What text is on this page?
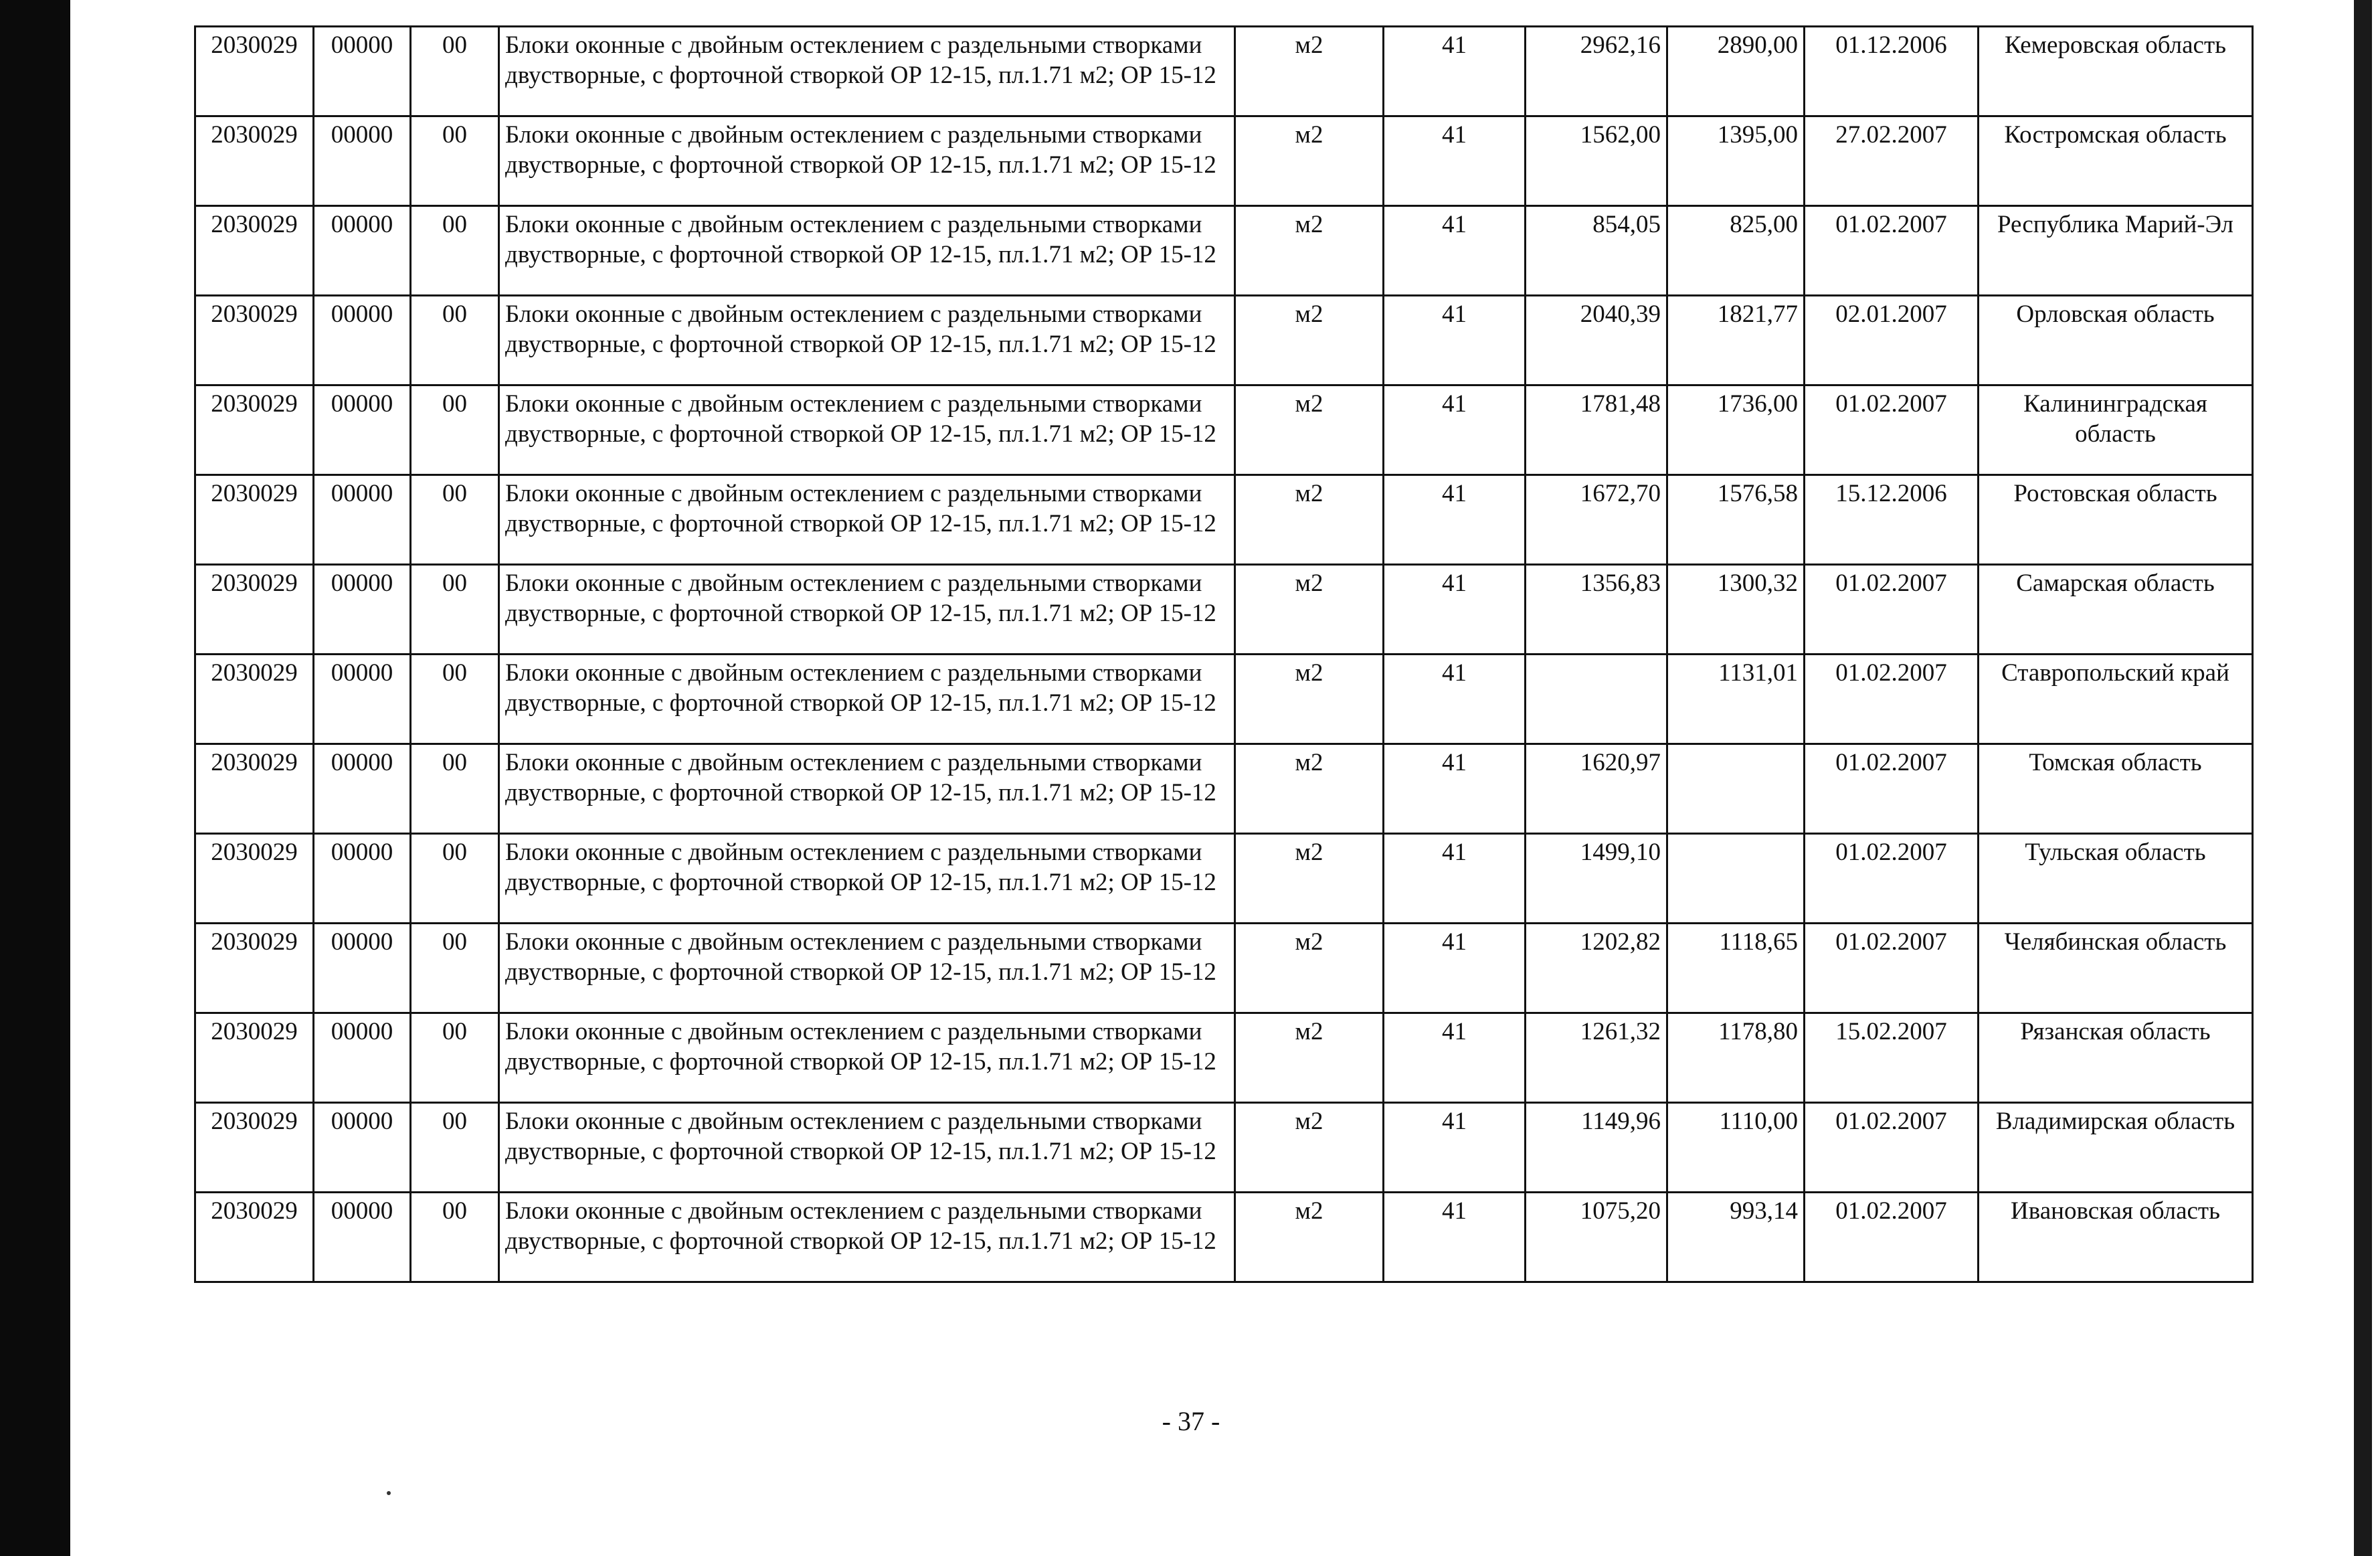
2030029	00000	00	Блоки оконные с двойным остеклением с раздельными створками двустворные, с форточной створкой ОР 12-15, пл.1.71 м2; ОР 15-12	м2	41	2962,16	2890,00	01.12.2006	Кемеровская область
2030029	00000	00	Блоки оконные с двойным остеклением с раздельными створками двустворные, с форточной створкой ОР 12-15, пл.1.71 м2; ОР 15-12	м2	41	1562,00	1395,00	27.02.2007	Костромская область
2030029	00000	00	Блоки оконные с двойным остеклением с раздельными створками двустворные, с форточной створкой ОР 12-15, пл.1.71 м2; ОР 15-12	м2	41	854,05	825,00	01.02.2007	Республика Марий-Эл
2030029	00000	00	Блоки оконные с двойным остеклением с раздельными створками двустворные, с форточной створкой ОР 12-15, пл.1.71 м2; ОР 15-12	м2	41	2040,39	1821,77	02.01.2007	Орловская область
2030029	00000	00	Блоки оконные с двойным остеклением с раздельными створками двустворные, с форточной створкой ОР 12-15, пл.1.71 м2; ОР 15-12	м2	41	1781,48	1736,00	01.02.2007	Калининградская область
2030029	00000	00	Блоки оконные с двойным остеклением с раздельными створками двустворные, с форточной створкой ОР 12-15, пл.1.71 м2; ОР 15-12	м2	41	1672,70	1576,58	15.12.2006	Ростовская область
2030029	00000	00	Блоки оконные с двойным остеклением с раздельными створками двустворные, с форточной створкой ОР 12-15, пл.1.71 м2; ОР 15-12	м2	41	1356,83	1300,32	01.02.2007	Самарская область
2030029	00000	00	Блоки оконные с двойным остеклением с раздельными створками двустворные, с форточной створкой ОР 12-15, пл.1.71 м2; ОР 15-12	м2	41		1131,01	01.02.2007	Ставропольский край
2030029	00000	00	Блоки оконные с двойным остеклением с раздельными створками двустворные, с форточной створкой ОР 12-15, пл.1.71 м2; ОР 15-12	м2	41	1620,97		01.02.2007	Томская область
2030029	00000	00	Блоки оконные с двойным остеклением с раздельными створками двустворные, с форточной створкой ОР 12-15, пл.1.71 м2; ОР 15-12	м2	41	1499,10		01.02.2007	Тульская область
2030029	00000	00	Блоки оконные с двойным остеклением с раздельными створками двустворные, с форточной створкой ОР 12-15, пл.1.71 м2; ОР 15-12	м2	41	1202,82	1118,65	01.02.2007	Челябинская область
2030029	00000	00	Блоки оконные с двойным остеклением с раздельными створками двустворные, с форточной створкой ОР 12-15, пл.1.71 м2; ОР 15-12	м2	41	1261,32	1178,80	15.02.2007	Рязанская область
2030029	00000	00	Блоки оконные с двойным остеклением с раздельными створками двустворные, с форточной створкой ОР 12-15, пл.1.71 м2; ОР 15-12	м2	41	1149,96	1110,00	01.02.2007	Владимирская область
2030029	00000	00	Блоки оконные с двойным остеклением с раздельными створками двустворные, с форточной створкой ОР 12-15, пл.1.71 м2; ОР 15-12	м2	41	1075,20	993,14	01.02.2007	Ивановская область
- 37 -
